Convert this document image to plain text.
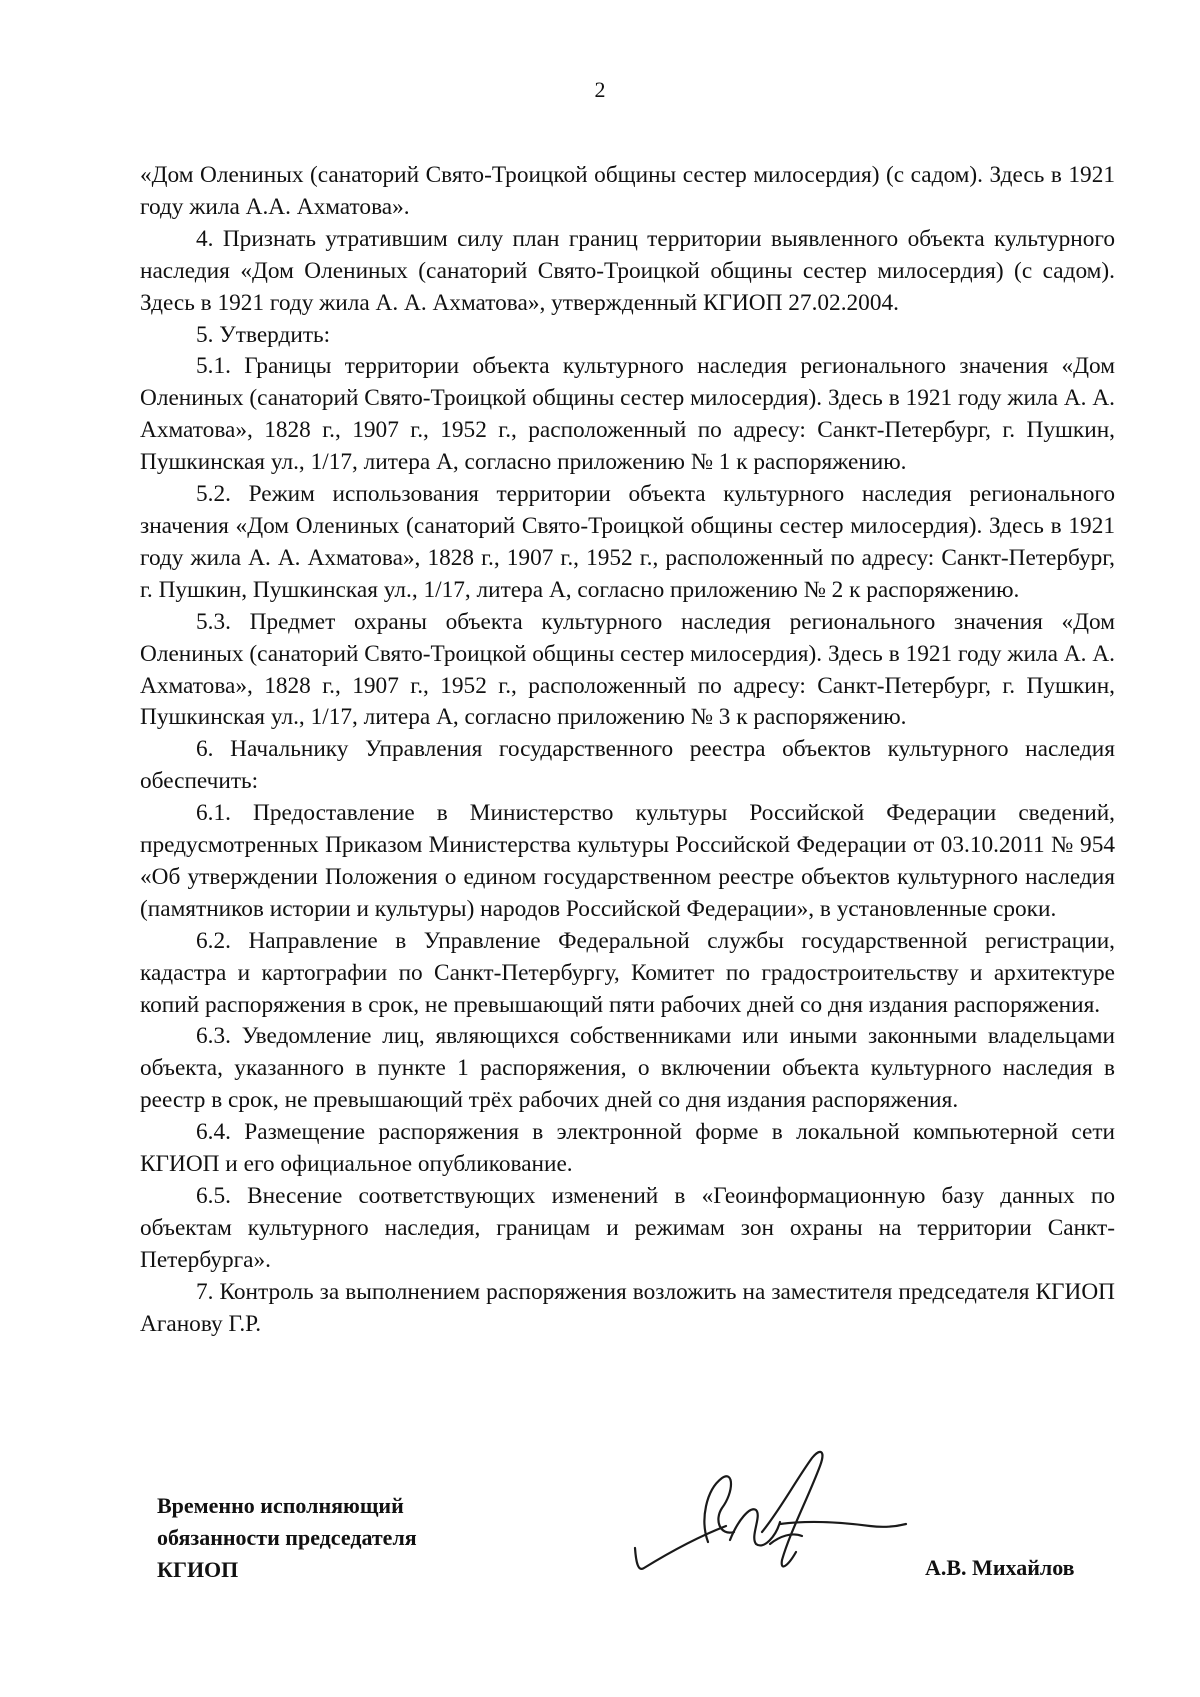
2

«Дом Олениных (санаторий Свято-Троицкой общины сестер милосердия) (с садом). Здесь в 1921 году жила А.А. Ахматова».

4. Признать утратившим силу план границ территории выявленного объекта культурного наследия «Дом Олениных (санаторий Свято-Троицкой общины сестер милосердия) (с садом). Здесь в 1921 году жила А. А. Ахматова», утвержденный КГИОП 27.02.2004.

5. Утвердить:

5.1. Границы территории объекта культурного наследия регионального значения «Дом Олениных (санаторий Свято-Троицкой общины сестер милосердия). Здесь в 1921 году жила А. А. Ахматова», 1828 г., 1907 г., 1952 г., расположенный по адресу: Санкт-Петербург, г. Пушкин, Пушкинская ул., 1/17, литера А, согласно приложению № 1 к распоряжению.

5.2. Режим использования территории объекта культурного наследия регионального значения «Дом Олениных (санаторий Свято-Троицкой общины сестер милосердия). Здесь в 1921 году жила А. А. Ахматова», 1828 г., 1907 г., 1952 г., расположенный по адресу: Санкт-Петербург, г. Пушкин, Пушкинская ул., 1/17, литера А, согласно приложению № 2 к распоряжению.

5.3. Предмет охраны объекта культурного наследия регионального значения «Дом Олениных (санаторий Свято-Троицкой общины сестер милосердия). Здесь в 1921 году жила А. А. Ахматова», 1828 г., 1907 г., 1952 г., расположенный по адресу: Санкт-Петербург, г. Пушкин, Пушкинская ул., 1/17, литера А, согласно приложению № 3 к распоряжению.

6. Начальнику Управления государственного реестра объектов культурного наследия обеспечить:

6.1. Предоставление в Министерство культуры Российской Федерации сведений, предусмотренных Приказом Министерства культуры Российской Федерации от 03.10.2011 № 954 «Об утверждении Положения о едином государственном реестре объектов культурного наследия (памятников истории и культуры) народов Российской Федерации», в установленные сроки.

6.2. Направление в Управление Федеральной службы государственной регистрации, кадастра и картографии по Санкт-Петербургу, Комитет по градостроительству и архитектуре копий распоряжения в срок, не превышающий пяти рабочих дней со дня издания распоряжения.

6.3. Уведомление лиц, являющихся собственниками или иными законными владельцами объекта, указанного в пункте 1 распоряжения, о включении объекта культурного наследия в реестр в срок, не превышающий трёх рабочих дней со дня издания распоряжения.

6.4. Размещение распоряжения в электронной форме в локальной компьютерной сети КГИОП и его официальное опубликование.

6.5. Внесение соответствующих изменений в «Геоинформационную базу данных по объектам культурного наследия, границам и режимам зон охраны на территории Санкт-Петербурга».

7. Контроль за выполнением распоряжения возложить на заместителя председателя КГИОП Аганову Г.Р.

Временно исполняющий
обязанности председателя
КГИОП	А.В. Михайлов
